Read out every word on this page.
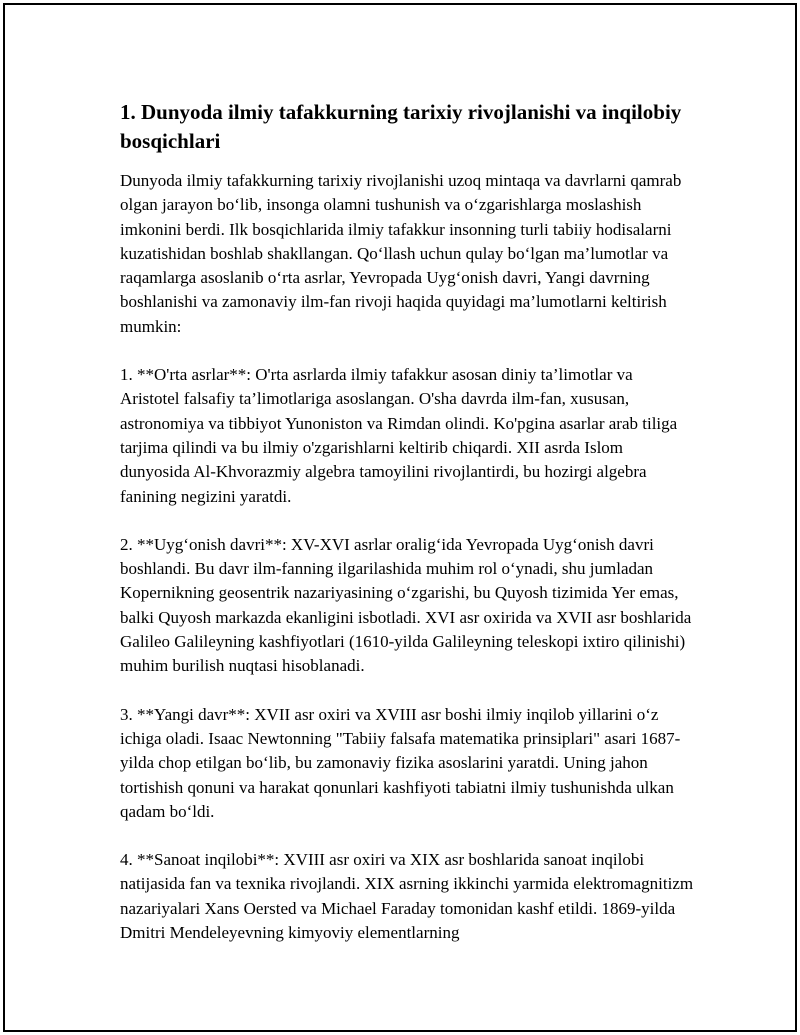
1. Dunyoda ilmiy tafakkurning tarixiy rivojlanishi va inqilobiy bosqichlari

Dunyoda ilmiy tafakkurning tarixiy rivojlanishi uzoq mintaqa va davrlarni qamrab olgan jarayon bo‘lib, insonga olamni tushunish va o‘zgarishlarga moslashish imkonini berdi. Ilk bosqichlarida ilmiy tafakkur insonning turli tabiiy hodisalarni kuzatishidan boshlab shakllangan. Qo‘llash uchun qulay bo‘lgan ma’lumotlar va raqamlarga asoslanib o‘rta asrlar, Yevropada Uyg‘onish davri, Yangi davrning boshlanishi va zamonaviy ilm-fan rivoji haqida quyidagi ma’lumotlarni keltirish mumkin:

1. **O'rta asrlar**: O'rta asrlarda ilmiy tafakkur asosan diniy ta’limotlar va Aristotel falsafiy ta’limotlariga asoslangan. O'sha davrda ilm-fan, xususan, astronomiya va tibbiyot Yunoniston va Rimdan olindi. Ko'pgina asarlar arab tiliga tarjima qilindi va bu ilmiy o'zgarishlarni keltirib chiqardi. XII asrda Islom dunyosida Al-Khvorazmiy algebra tamoyilini rivojlantirdi, bu hozirgi algebra fanining negizini yaratdi.

2. **Uyg‘onish davri**: XV-XVI asrlar oralig‘ida Yevropada Uyg‘onish davri boshlandi. Bu davr ilm-fanning ilgarilashida muhim rol o‘ynadi, shu jumladan Kopernikning geosentrik nazariyasining o‘zgarishi, bu Quyosh tizimida Yer emas, balki Quyosh markazda ekanligini isbotladi. XVI asr oxirida va XVII asr boshlarida Galileo Galileyning kashfiyotlari (1610-yilda Galileyning teleskopi ixtiro qilinishi) muhim burilish nuqtasi hisoblanadi.

3. **Yangi davr**: XVII asr oxiri va XVIII asr boshi ilmiy inqilob yillarini o‘z ichiga oladi. Isaac Newtonning "Tabiiy falsafa matematika prinsiplari" asari 1687-yilda chop etilgan bo‘lib, bu zamonaviy fizika asoslarini yaratdi. Uning jahon tortishish qonuni va harakat qonunlari kashfiyoti tabiatni ilmiy tushunishda ulkan qadam bo‘ldi.

4. **Sanoat inqilobi**: XVIII asr oxiri va XIX asr boshlarida sanoat inqilobi natijasida fan va texnika rivojlandi. XIX asrning ikkinchi yarmida elektromagnitizm nazariyalari Xans Oersted va Michael Faraday tomonidan kashf etildi. 1869-yilda Dmitri Mendeleyevning kimyoviy elementlarning
